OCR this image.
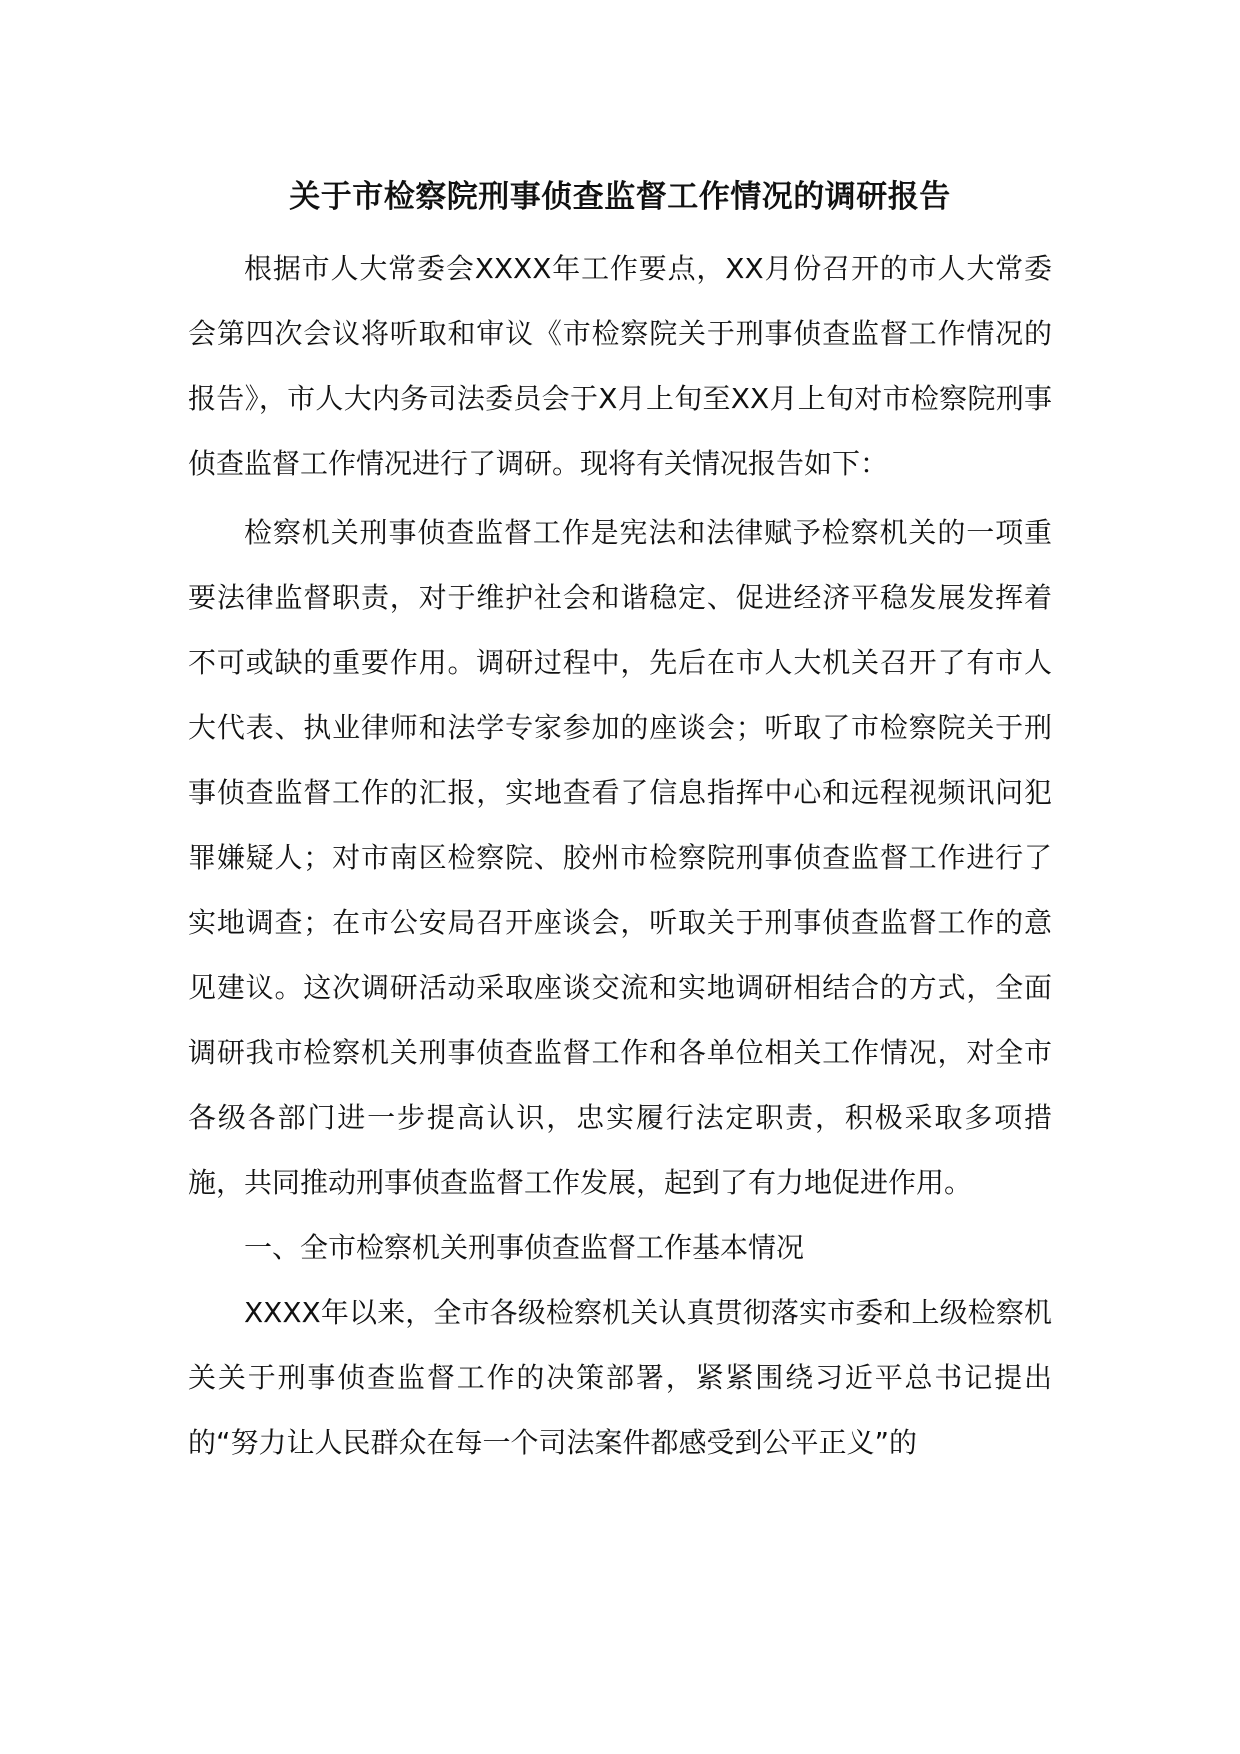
关于市检察院刑事侦查监督工作情况的调研报告

根据市人大常委会XXXX年工作要点，XX月份召开的市人大常委会第四次会议将听取和审议《市检察院关于刑事侦查监督工作情况的报告》，市人大内务司法委员会于X月上旬至XX月上旬对市检察院刑事侦查监督工作情况进行了调研。现将有关情况报告如下：

检察机关刑事侦查监督工作是宪法和法律赋予检察机关的一项重要法律监督职责，对于维护社会和谐稳定、促进经济平稳发展发挥着不可或缺的重要作用。调研过程中，先后在市人大机关召开了有市人大代表、执业律师和法学专家参加的座谈会；听取了市检察院关于刑事侦查监督工作的汇报，实地查看了信息指挥中心和远程视频讯问犯罪嫌疑人；对市南区检察院、胶州市检察院刑事侦查监督工作进行了实地调查；在市公安局召开座谈会，听取关于刑事侦查监督工作的意见建议。这次调研活动采取座谈交流和实地调研相结合的方式，全面调研我市检察机关刑事侦查监督工作和各单位相关工作情况，对全市各级各部门进一步提高认识，忠实履行法定职责，积极采取多项措施，共同推动刑事侦查监督工作发展，起到了有力地促进作用。

一、全市检察机关刑事侦查监督工作基本情况

XXXX年以来，全市各级检察机关认真贯彻落实市委和上级检察机关关于刑事侦查监督工作的决策部署，紧紧围绕习近平总书记提出的“努力让人民群众在每一个司法案件都感受到公平正义”的
